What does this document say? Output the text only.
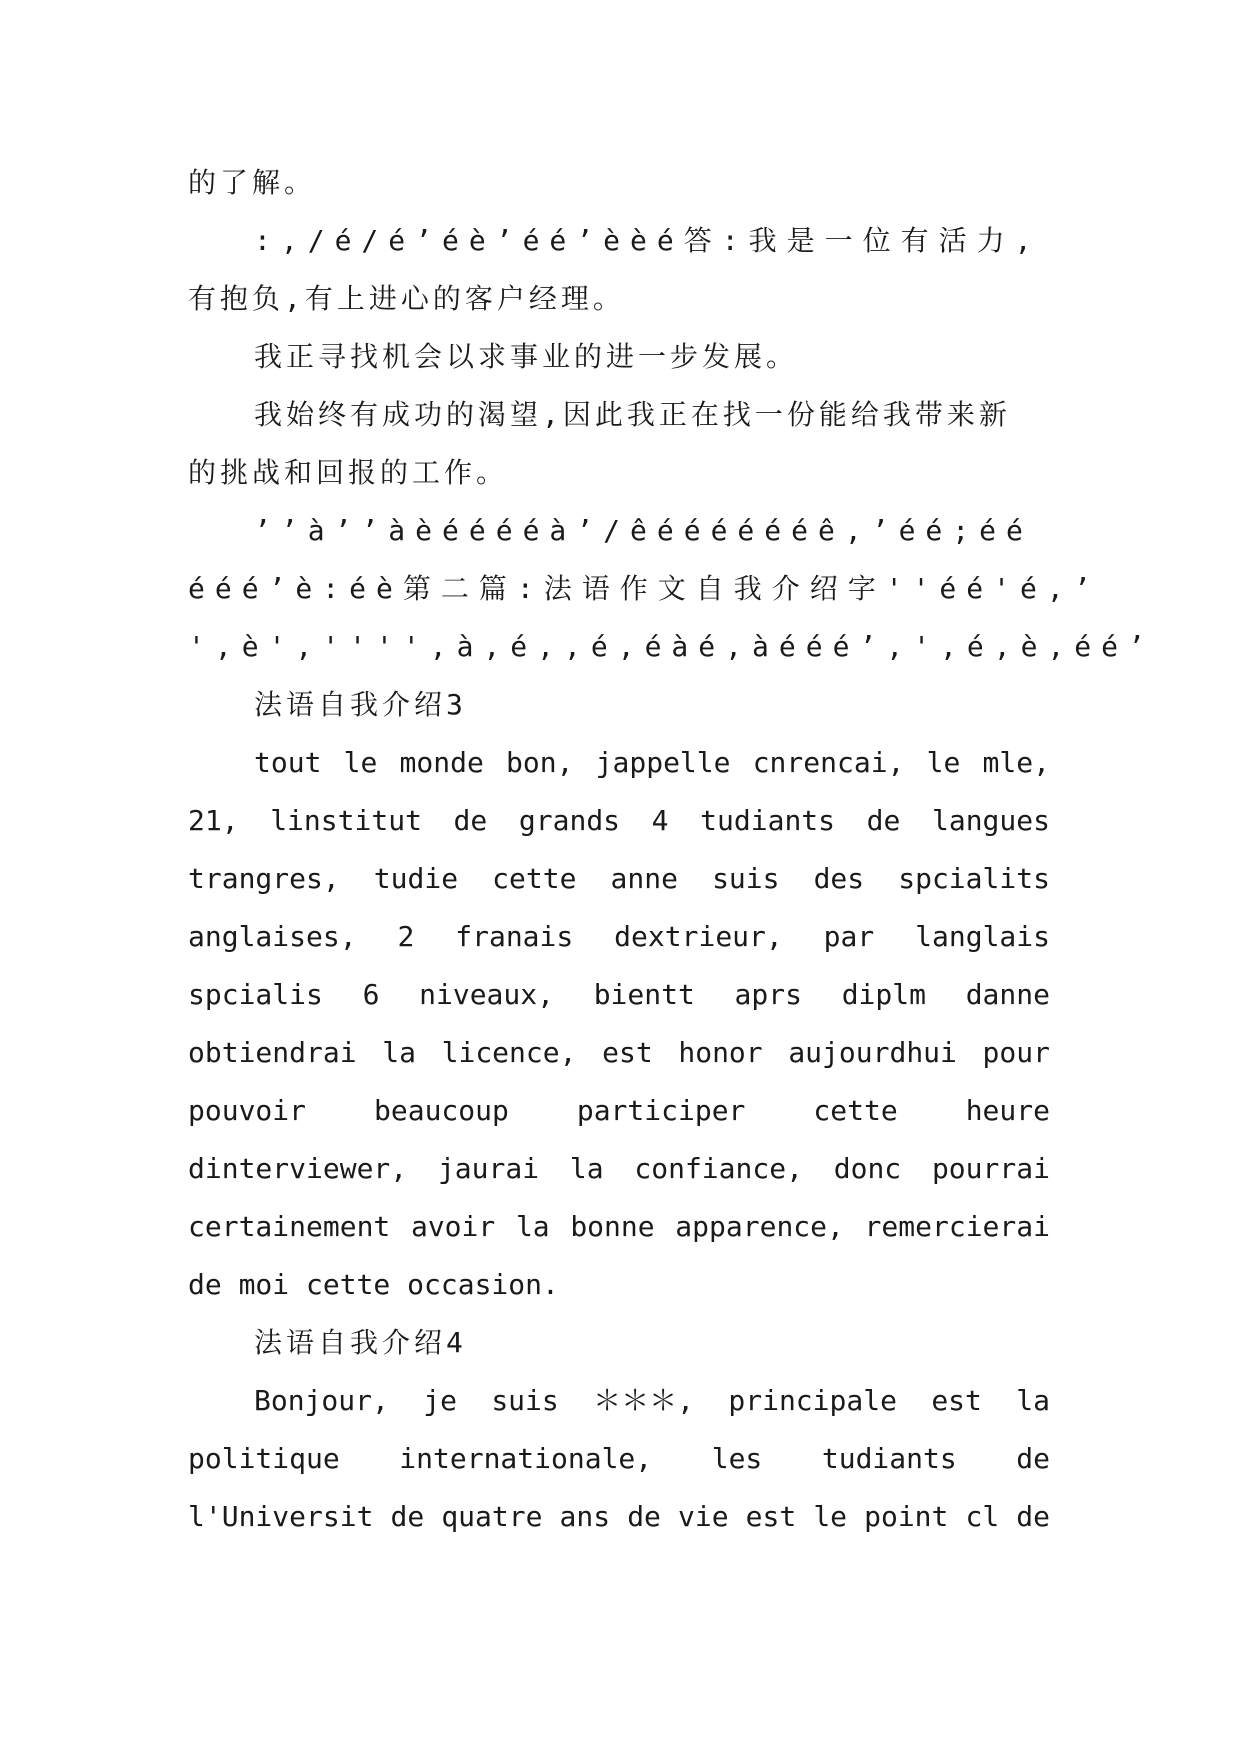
的了解。
:,/é/é’éè’éé’èèé答:我是一位有活力,
有抱负,有上进心的客户经理。
我正寻找机会以求事业的进一步发展。
我始终有成功的渴望,因此我正在找一份能给我带来新
的挑战和回报的工作。
’’à’’àèééééà’/êééééééê,’éé;éé
ééé’è:éè第二篇:法语作文自我介绍字''éé'é,’
',è','''',à,é,,é,éàé,àééé’,',é,è,éé’
法语自我介绍3
tout le monde bon, jappelle cnrencai, le mle,
21, linstitut de grands 4 tudiants de langues
trangres, tudie cette anne suis des spcialits
anglaises, 2 franais dextrieur, par langlais
spcialis 6 niveaux, bientt aprs diplm danne
obtiendrai la licence, est honor aujourdhui pour
pouvoir beaucoup participer cette heure
dinterviewer, jaurai la confiance, donc pourrai
certainement avoir la bonne apparence, remercierai
de moi cette occasion.
法语自我介绍4
Bonjour, je suis ＊＊＊, principale est la
politique internationale, les tudiants de
l'Universit de quatre ans de vie est le point cl de
